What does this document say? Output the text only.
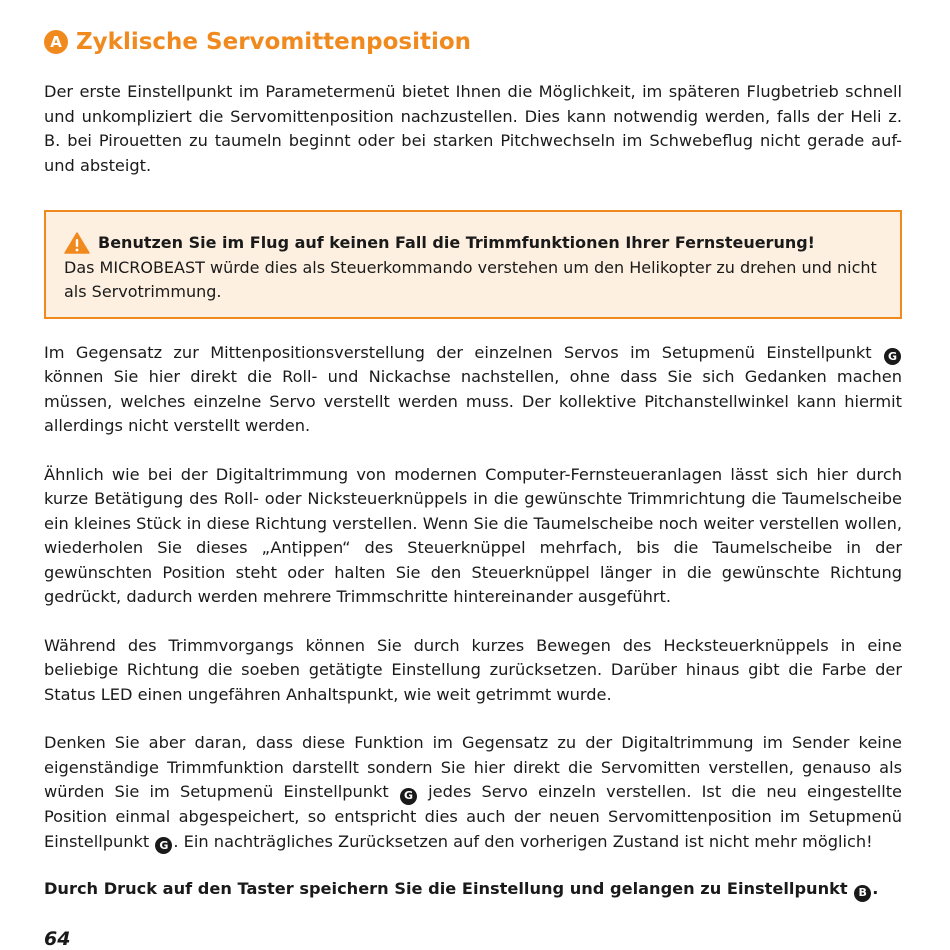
A Zyklische Servomittenposition

Der erste Einstellpunkt im Parametermenü bietet Ihnen die Möglichkeit, im späteren Flugbetrieb schnell und unkompliziert die Servomittenposition nachzustellen. Dies kann notwendig werden, falls der Heli z. B. bei Pirouetten zu taumeln beginnt oder bei starken Pitchwechseln im Schwebeflug nicht gerade auf- und absteigt.

Benutzen Sie im Flug auf keinen Fall die Trimmfunktionen Ihrer Fernsteuerung!
Das MICROBEAST würde dies als Steuerkommando verstehen um den Helikopter zu drehen und nicht als Servotrimmung.

Im Gegensatz zur Mittenpositionsverstellung der einzelnen Servos im Setupmenü Einstellpunkt G können Sie hier direkt die Roll- und Nickachse nachstellen, ohne dass Sie sich Gedanken machen müssen, welches einzelne Servo verstellt werden muss. Der kollektive Pitchanstellwinkel kann hiermit allerdings nicht verstellt werden.

Ähnlich wie bei der Digitaltrimmung von modernen Computer-Fernsteueranlagen lässt sich hier durch kurze Betätigung des Roll- oder Nicksteuerknüppels in die gewünschte Trimmrichtung die Taumelscheibe ein kleines Stück in diese Richtung verstellen. Wenn Sie die Taumelscheibe noch weiter verstellen wollen, wiederholen Sie dieses „Antippen“ des Steuerknüppel mehrfach, bis die Taumelscheibe in der gewünschten Position steht oder halten Sie den Steuerknüppel länger in die gewünschte Richtung gedrückt, dadurch werden mehrere Trimmschritte hintereinander ausgeführt.

Während des Trimmvorgangs können Sie durch kurzes Bewegen des Hecksteuerknüppels in eine beliebige Richtung die soeben getätigte Einstellung zurücksetzen. Darüber hinaus gibt die Farbe der Status LED einen ungefähren Anhaltspunkt, wie weit getrimmt wurde.

Denken Sie aber daran, dass diese Funktion im Gegensatz zu der Digitaltrimmung im Sender keine eigenständige Trimmfunktion darstellt sondern Sie hier direkt die Servomitten verstellen, genauso als würden Sie im Setupmenü Einstellpunkt G jedes Servo einzeln verstellen. Ist die neu eingestellte Position einmal abgespeichert, so entspricht dies auch der neuen Servomittenposition im Setupmenü Einstellpunkt G . Ein nachträgliches Zurücksetzen auf den vorherigen Zustand ist nicht mehr möglich!

Durch Druck auf den Taster speichern Sie die Einstellung und gelangen zu Einstellpunkt B .

64
